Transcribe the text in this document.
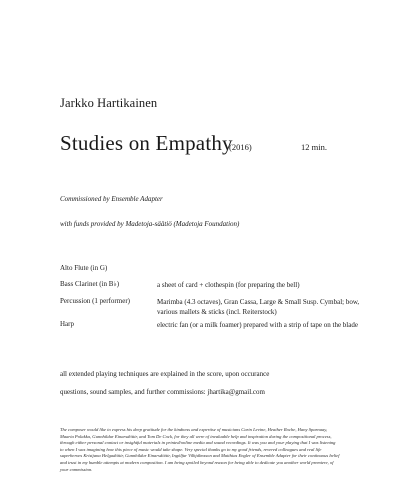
Jarkko Hartikainen
Studies on Empathy
(2016)	12 min.
Commissioned by Ensemble Adapter
with funds provided by Madetoja-säätiö (Madetoja Foundation)
Alto Flute (in G)
Bass Clarinet (in B♭)	a sheet of card + clothespin (for preparing the bell)
Percussion (1 performer)	Marimba (4.3 octaves), Gran Cassa, Large & Small Susp. Cymbal; bow, various mallets & sticks (incl. Reiterstock)
Harp	electric fan (or a milk foamer) prepared with a strip of tape on the blade
all extended playing techniques are explained in the score, upon occurance
questions, sound samples, and further commissions: jhartika@gmail.com
The composer would like to express his deep gratitude for the kindness and expertise of musicians Carin Levine, Heather Roche, Hany Sparnaay, Maaria Polakka, Gunnhildur Einarsdóttir, and Tom De Cock, for they all were of invaluable help and inspiration during the compositional process, through either personal contact or insightful materials in printed/online media and sound recordings. It was you and your playing that I was listening to when I was imagining how this piece of music would take shape. Very special thanks go to my good friends, revered colleagues and real life superheroes Kristjana Helgadóttir, Gunnhildur Einarsdóttir, Ingólfur Vilhjálmsson and Matthias Engler of Ensemble Adapter for their continuous belief and trust in my humble attempts at modern composition. I am being spoiled beyond reason for being able to dedicate you another world premiere, of your commission.
